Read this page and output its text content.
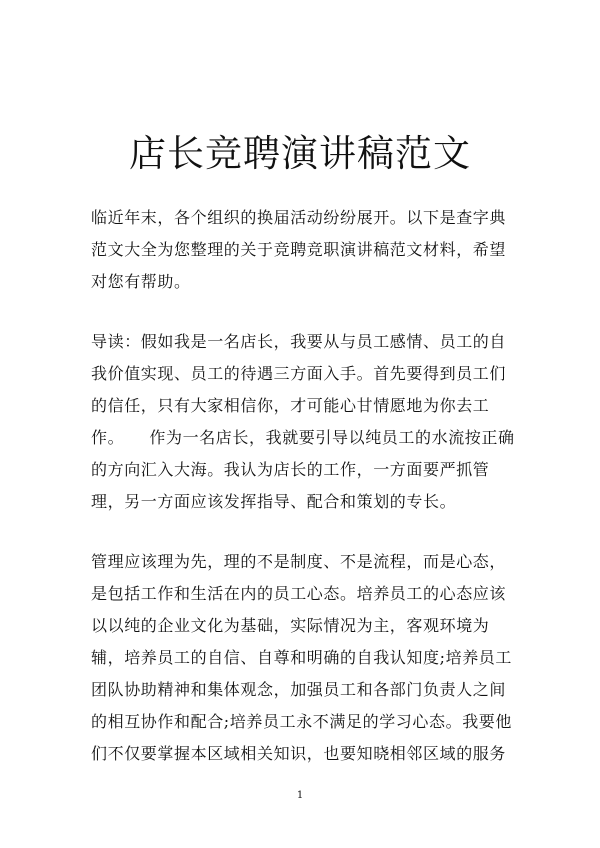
店长竞聘演讲稿范文
临近年末，各个组织的换届活动纷纷展开。以下是查字典
范文大全为您整理的关于竞聘竞职演讲稿范文材料，希望
对您有帮助。
导读：假如我是一名店长，我要从与员工感情、员工的自
我价值实现、员工的待遇三方面入手。首先要得到员工们
的信任，只有大家相信你，才可能心甘情愿地为你去工
作。　　作为一名店长，我就要引导以纯员工的水流按正确
的方向汇入大海。我认为店长的工作，一方面要严抓管
理，另一方面应该发挥指导、配合和策划的专长。
管理应该理为先，理的不是制度、不是流程，而是心态，
是包括工作和生活在内的员工心态。培养员工的心态应该
以以纯的企业文化为基础，实际情况为主，客观环境为
辅，培养员工的自信、自尊和明确的自我认知度;培养员工
团队协助精神和集体观念，加强员工和各部门负责人之间
的相互协作和配合;培养员工永不满足的学习心态。我要他
们不仅要掌握本区域相关知识，也要知晓相邻区域的服务
1
